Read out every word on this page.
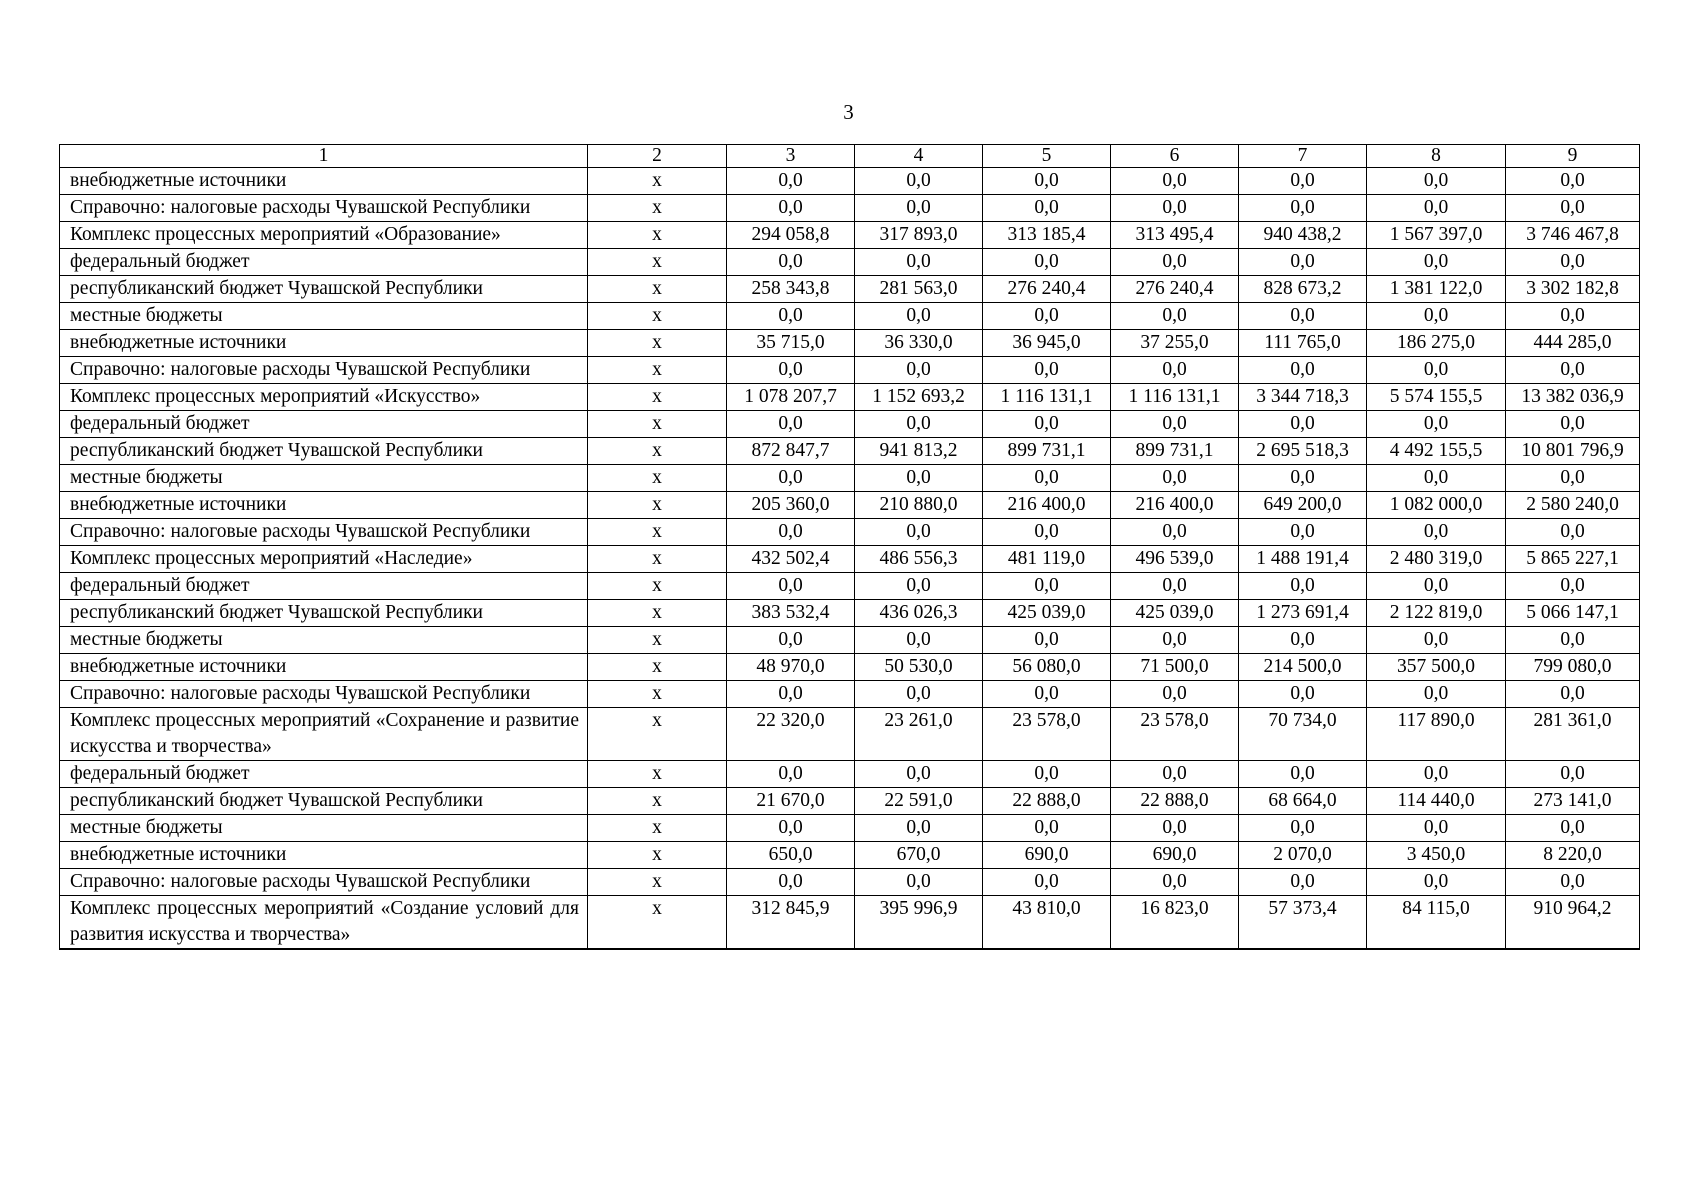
3
1	2	3	4	5	6	7	8	9
внебюджетные источники	х	0,0	0,0	0,0	0,0	0,0	0,0	0,0
Справочно: налоговые расходы Чувашской Республики	х	0,0	0,0	0,0	0,0	0,0	0,0	0,0
Комплекс процессных мероприятий «Образование»	х	294 058,8	317 893,0	313 185,4	313 495,4	940 438,2	1 567 397,0	3 746 467,8
федеральный бюджет	х	0,0	0,0	0,0	0,0	0,0	0,0	0,0
республиканский бюджет Чувашской Республики	х	258 343,8	281 563,0	276 240,4	276 240,4	828 673,2	1 381 122,0	3 302 182,8
местные бюджеты	х	0,0	0,0	0,0	0,0	0,0	0,0	0,0
внебюджетные источники	х	35 715,0	36 330,0	36 945,0	37 255,0	111 765,0	186 275,0	444 285,0
Справочно: налоговые расходы Чувашской Республики	х	0,0	0,0	0,0	0,0	0,0	0,0	0,0
Комплекс процессных мероприятий «Искусство»	х	1 078 207,7	1 152 693,2	1 116 131,1	1 116 131,1	3 344 718,3	5 574 155,5	13 382 036,9
федеральный бюджет	х	0,0	0,0	0,0	0,0	0,0	0,0	0,0
республиканский бюджет Чувашской Республики	х	872 847,7	941 813,2	899 731,1	899 731,1	2 695 518,3	4 492 155,5	10 801 796,9
местные бюджеты	х	0,0	0,0	0,0	0,0	0,0	0,0	0,0
внебюджетные источники	х	205 360,0	210 880,0	216 400,0	216 400,0	649 200,0	1 082 000,0	2 580 240,0
Справочно: налоговые расходы Чувашской Республики	х	0,0	0,0	0,0	0,0	0,0	0,0	0,0
Комплекс процессных мероприятий «Наследие»	х	432 502,4	486 556,3	481 119,0	496 539,0	1 488 191,4	2 480 319,0	5 865 227,1
федеральный бюджет	х	0,0	0,0	0,0	0,0	0,0	0,0	0,0
республиканский бюджет Чувашской Республики	х	383 532,4	436 026,3	425 039,0	425 039,0	1 273 691,4	2 122 819,0	5 066 147,1
местные бюджеты	х	0,0	0,0	0,0	0,0	0,0	0,0	0,0
внебюджетные источники	х	48 970,0	50 530,0	56 080,0	71 500,0	214 500,0	357 500,0	799 080,0
Справочно: налоговые расходы Чувашской Республики	х	0,0	0,0	0,0	0,0	0,0	0,0	0,0
Комплекс процессных мероприятий «Сохранение и развитие искусства и творчества»	х	22 320,0	23 261,0	23 578,0	23 578,0	70 734,0	117 890,0	281 361,0
федеральный бюджет	х	0,0	0,0	0,0	0,0	0,0	0,0	0,0
республиканский бюджет Чувашской Республики	х	21 670,0	22 591,0	22 888,0	22 888,0	68 664,0	114 440,0	273 141,0
местные бюджеты	х	0,0	0,0	0,0	0,0	0,0	0,0	0,0
внебюджетные источники	х	650,0	670,0	690,0	690,0	2 070,0	3 450,0	8 220,0
Справочно: налоговые расходы Чувашской Республики	х	0,0	0,0	0,0	0,0	0,0	0,0	0,0
Комплекс процессных мероприятий «Создание условий для развития искусства и творчества»	х	312 845,9	395 996,9	43 810,0	16 823,0	57 373,4	84 115,0	910 964,2
